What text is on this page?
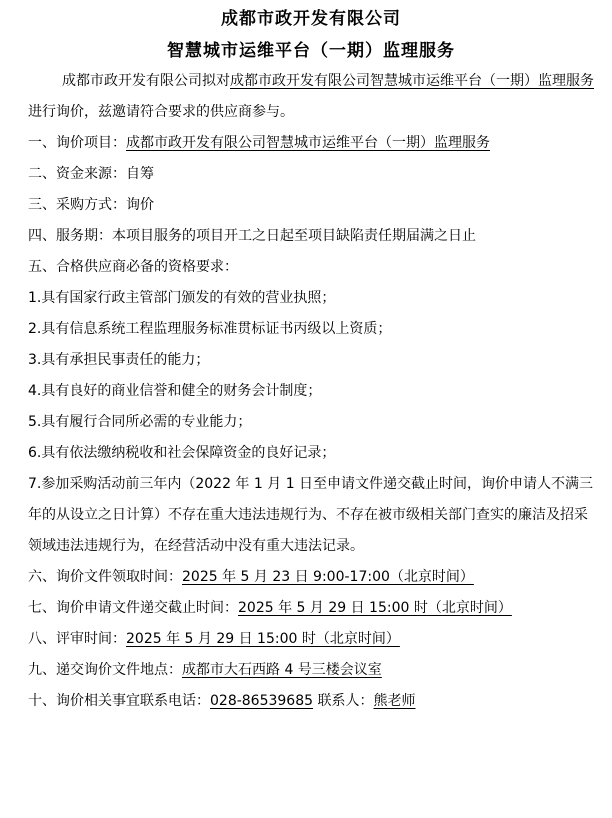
成都市政开发有限公司
智慧城市运维平台（一期）监理服务

成都市政开发有限公司拟对成都市政开发有限公司智慧城市运维平台（一期）监理服务进行询价，兹邀请符合要求的供应商参与。

一、询价项目：成都市政开发有限公司智慧城市运维平台（一期）监理服务

二、资金来源：自筹

三、采购方式：询价

四、服务期：本项目服务的项目开工之日起至项目缺陷责任期届满之日止

五、合格供应商必备的资格要求：

1.具有国家行政主管部门颁发的有效的营业执照；

2.具有信息系统工程监理服务标准贯标证书丙级以上资质；

3.具有承担民事责任的能力；

4.具有良好的商业信誉和健全的财务会计制度；

5.具有履行合同所必需的专业能力；

6.具有依法缴纳税收和社会保障资金的良好记录；

7.参加采购活动前三年内（2022 年 1 月 1 日至申请文件递交截止时间，询价申请人不满三年的从设立之日计算）不存在重大违法违规行为、不存在被市级相关部门查实的廉洁及招采领域违法违规行为，在经营活动中没有重大违法记录。

六、询价文件领取时间：2025 年 5 月 23 日 9:00-17:00（北京时间）

七、询价申请文件递交截止时间：2025 年 5 月 29 日 15:00 时（北京时间）

八、评审时间：2025 年 5 月 29 日 15:00 时（北京时间）

九、递交询价文件地点：成都市大石西路 4 号三楼会议室

十、询价相关事宜联系电话：028-86539685 联系人：熊老师
